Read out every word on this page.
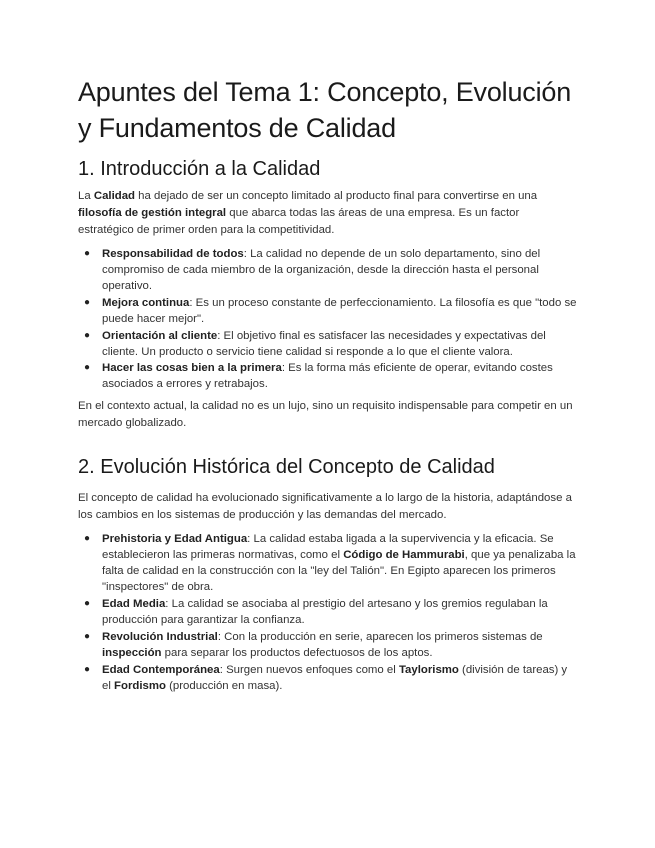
Apuntes del Tema 1: Concepto, Evolución y Fundamentos de Calidad
1. Introducción a la Calidad

La Calidad ha dejado de ser un concepto limitado al producto final para convertirse en una filosofía de gestión integral que abarca todas las áreas de una empresa. Es un factor estratégico de primer orden para la competitividad.

● Responsabilidad de todos: La calidad no depende de un solo departamento, sino del compromiso de cada miembro de la organización, desde la dirección hasta el personal operativo.
● Mejora continua: Es un proceso constante de perfeccionamiento. La filosofía es que "todo se puede hacer mejor".
● Orientación al cliente: El objetivo final es satisfacer las necesidades y expectativas del cliente. Un producto o servicio tiene calidad si responde a lo que el cliente valora.
● Hacer las cosas bien a la primera: Es la forma más eficiente de operar, evitando costes asociados a errores y retrabajos.

En el contexto actual, la calidad no es un lujo, sino un requisito indispensable para competir en un mercado globalizado.

2. Evolución Histórica del Concepto de Calidad

El concepto de calidad ha evolucionado significativamente a lo largo de la historia, adaptándose a los cambios en los sistemas de producción y las demandas del mercado.

● Prehistoria y Edad Antigua: La calidad estaba ligada a la supervivencia y la eficacia. Se establecieron las primeras normativas, como el Código de Hammurabi, que ya penalizaba la falta de calidad en la construcción con la "ley del Talión". En Egipto aparecen los primeros "inspectores" de obra.
● Edad Media: La calidad se asociaba al prestigio del artesano y los gremios regulaban la producción para garantizar la confianza.
● Revolución Industrial: Con la producción en serie, aparecen los primeros sistemas de inspección para separar los productos defectuosos de los aptos.
● Edad Contemporánea: Surgen nuevos enfoques como el Taylorismo (división de tareas) y el Fordismo (producción en masa).
